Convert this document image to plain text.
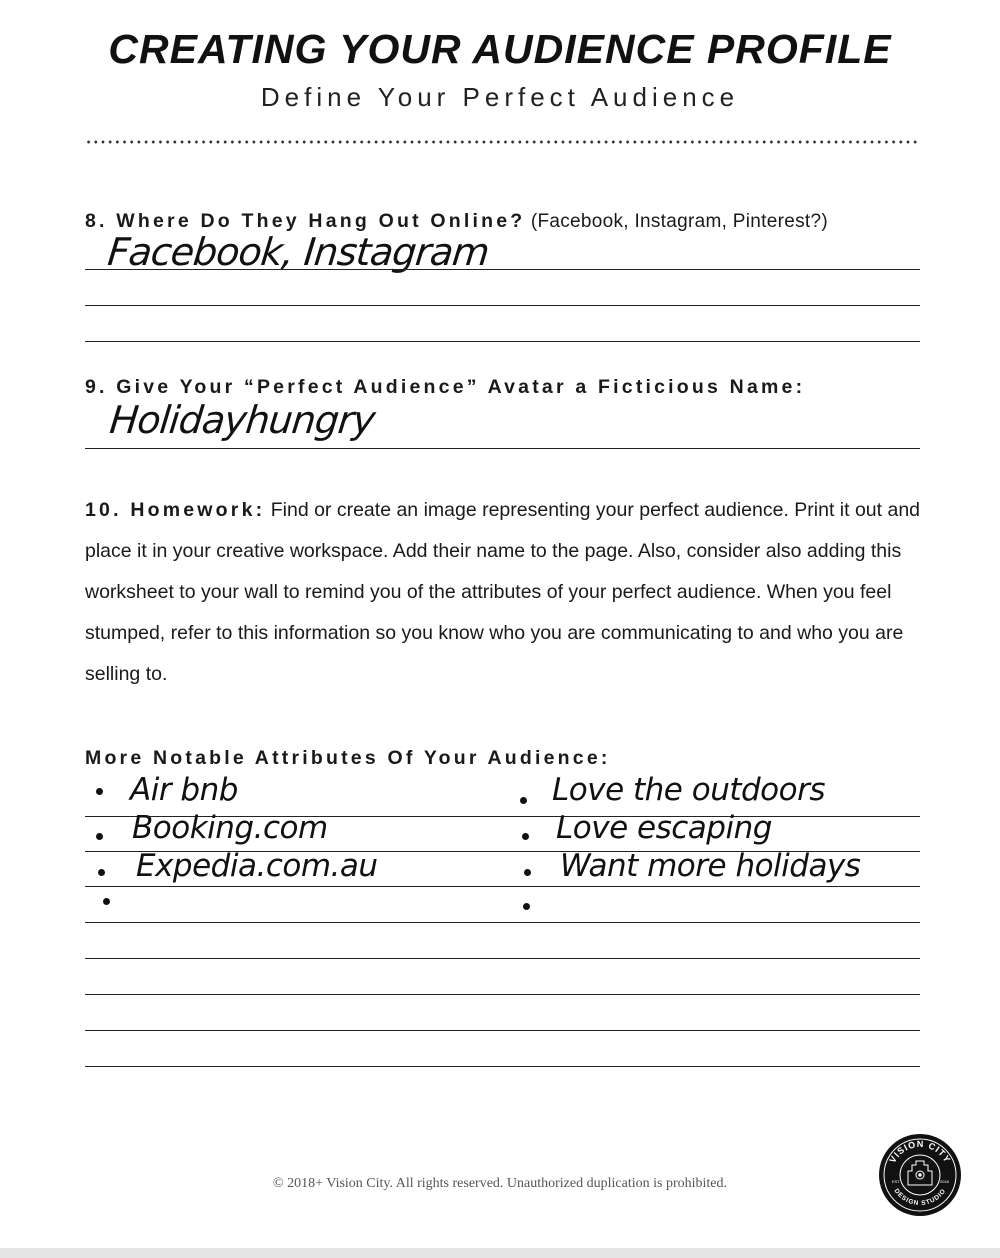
CREATING YOUR AUDIENCE PROFILE
Define Your Perfect Audience
8. Where Do They Hang Out Online? (Facebook, Instagram, Pinterest?)
Facebook, Instagram
9. Give Your “Perfect Audience” Avatar a Ficticious Name:
Holidayhungry
10. Homework: Find or create an image representing your perfect audience. Print it out and place it in your creative workspace. Add their name to the page. Also, consider also adding this worksheet to your wall to remind you of the attributes of your perfect audience. When you feel stumped, refer to this information so you know who you are communicating to and who you are selling to.
More Notable Attributes Of Your Audience:
Air bnb	Love the outdoors
Booking.com	Love escaping
Expedia.com.au	Want more holidays
© 2018+ Vision City. All rights reserved. Unauthorized duplication is prohibited.
VISION CITY
DESIGN STUDIO
EST	2018
